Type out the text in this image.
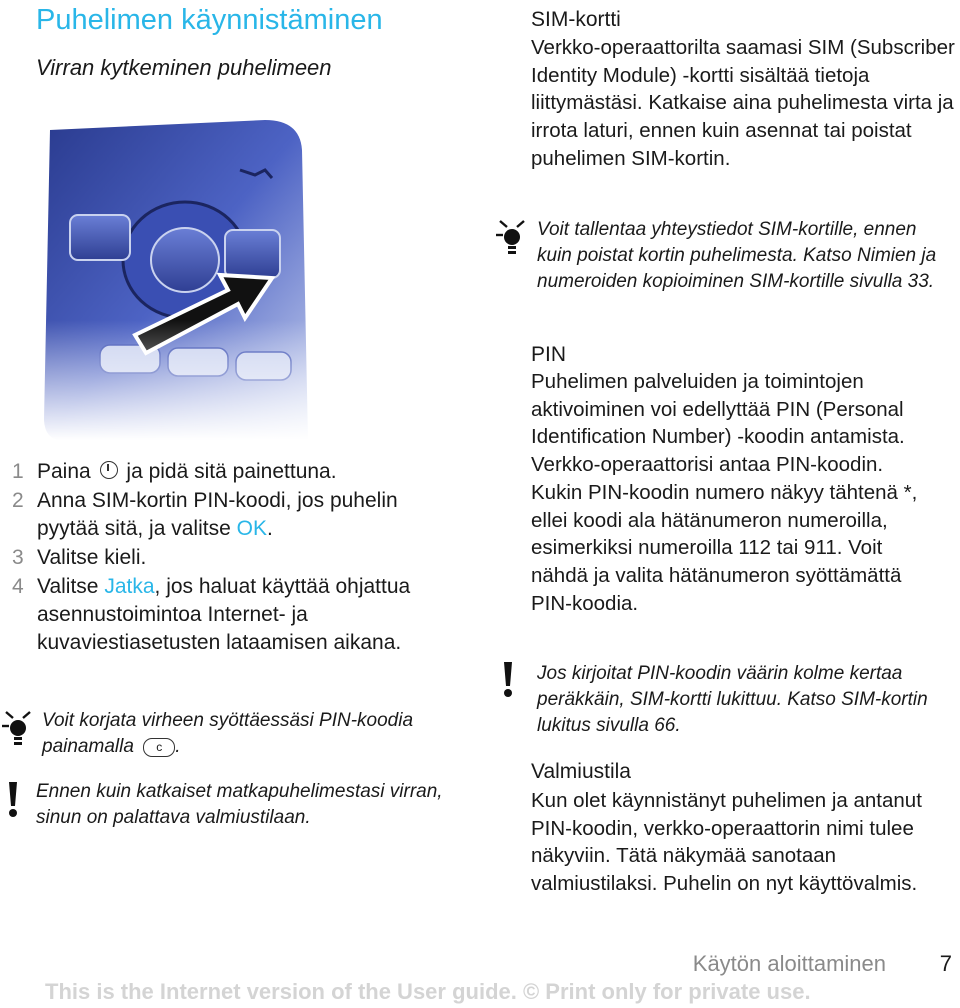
Puhelimen käynnistäminen
Virran kytkeminen puhelimeen
1 Paina ja pidä sitä painettuna.
2 Anna SIM-kortin PIN-koodi, jos puhelin pyytää sitä, ja valitse OK.
3 Valitse kieli.
4 Valitse Jatka, jos haluat käyttää ohjattua asennustoimintoa Internet- ja kuvaviestiasetusten lataamisen aikana.
Voit korjata virheen syöttäessäsi PIN-koodia painamalla c .
Ennen kuin katkaiset matkapuhelimestasi virran, sinun on palattava valmiustilaan.
SIM-kortti
Verkko-operaattorilta saamasi SIM (Subscriber Identity Module) -kortti sisältää tietoja liittymästäsi. Katkaise aina puhelimesta virta ja irrota laturi, ennen kuin asennat tai poistat puhelimen SIM-kortin.
Voit tallentaa yhteystiedot SIM-kortille, ennen kuin poistat kortin puhelimesta. Katso Nimien ja numeroiden kopioiminen SIM-kortille sivulla 33.
PIN
Puhelimen palveluiden ja toimintojen aktivoiminen voi edellyttää PIN (Personal Identification Number) -koodin antamista. Verkko-operaattorisi antaa PIN-koodin. Kukin PIN-koodin numero näkyy tähtenä *, ellei koodi ala hätänumeron numeroilla, esimerkiksi numeroilla 112 tai 911. Voit nähdä ja valita hätänumeron syöttämättä PIN-koodia.
Jos kirjoitat PIN-koodin väärin kolme kertaa peräkkäin, SIM-kortti lukittuu. Katso SIM-kortin lukitus sivulla 66.
Valmiustila
Kun olet käynnistänyt puhelimen ja antanut PIN-koodin, verkko-operaattorin nimi tulee näkyviin. Tätä näkymää sanotaan valmiustilaksi. Puhelin on nyt käyttövalmis.
Käytön aloittaminen 7
This is the Internet version of the User guide. © Print only for private use.
